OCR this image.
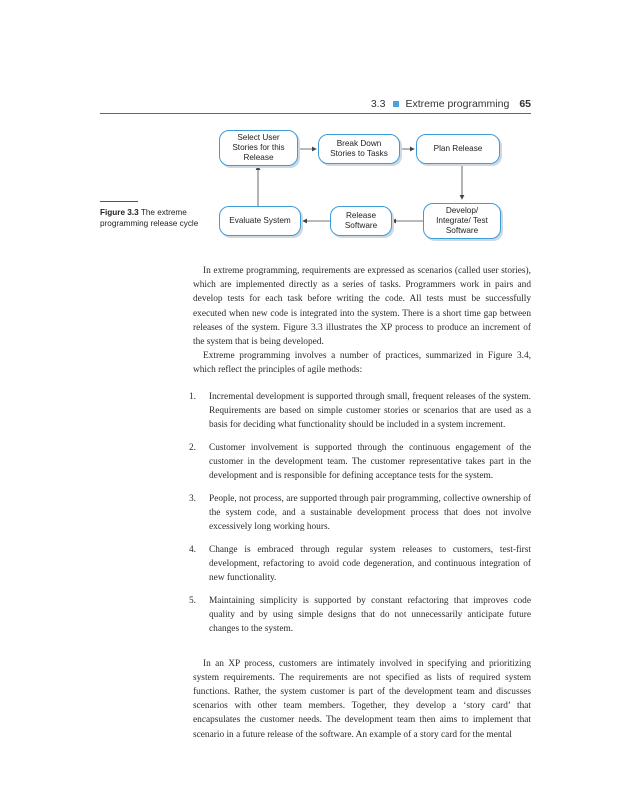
3.3 Extreme programming 65
Select User Stories for this Release
Break Down Stories to Tasks
Plan Release
Develop/ Integrate/ Test Software
Release Software
Evaluate System
Figure 3.3 The extreme programming release cycle

In extreme programming, requirements are expressed as scenarios (called user stories), which are implemented directly as a series of tasks. Programmers work in pairs and develop tests for each task before writing the code. All tests must be successfully executed when new code is integrated into the system. There is a short time gap between releases of the system. Figure 3.3 illustrates the XP process to produce an increment of the system that is being developed.

Extreme programming involves a number of practices, summarized in Figure 3.4, which reflect the principles of agile methods:

1. Incremental development is supported through small, frequent releases of the system. Requirements are based on simple customer stories or scenarios that are used as a basis for deciding what functionality should be included in a system increment.
2. Customer involvement is supported through the continuous engagement of the customer in the development team. The customer representative takes part in the development and is responsible for defining acceptance tests for the system.
3. People, not process, are supported through pair programming, collective ownership of the system code, and a sustainable development process that does not involve excessively long working hours.
4. Change is embraced through regular system releases to customers, test-first development, refactoring to avoid code degeneration, and continuous integration of new functionality.
5. Maintaining simplicity is supported by constant refactoring that improves code quality and by using simple designs that do not unnecessarily anticipate future changes to the system.

In an XP process, customers are intimately involved in specifying and prioritizing system requirements. The requirements are not specified as lists of required system functions. Rather, the system customer is part of the development team and discusses scenarios with other team members. Together, they develop a ‘story card’ that encapsulates the customer needs. The development team then aims to implement that scenario in a future release of the software. An example of a story card for the mental
